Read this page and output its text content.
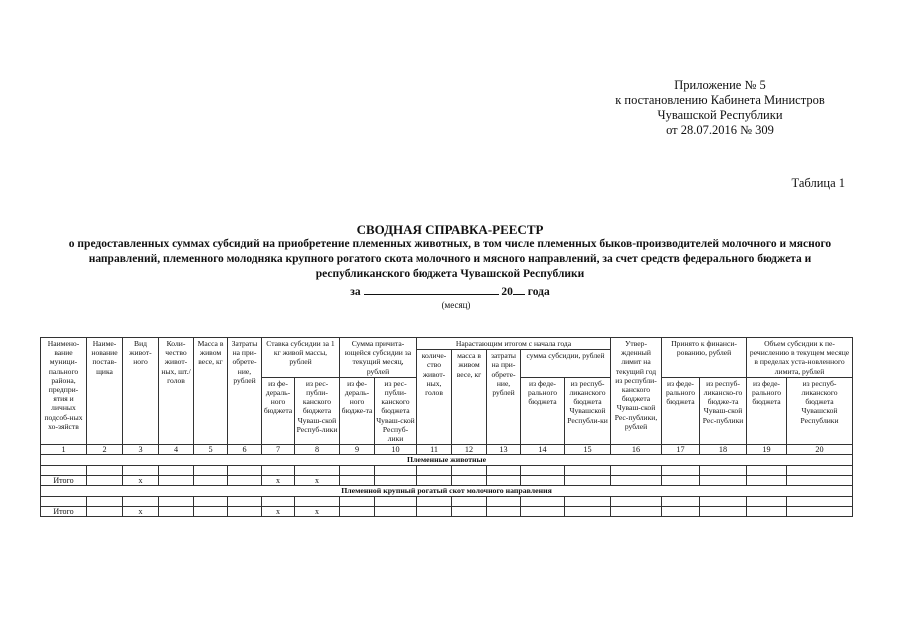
Приложение № 5
к постановлению Кабинета Министров
Чувашской Республики
от 28.07.2016 № 309
Таблица 1
СВОДНАЯ СПРАВКА-РЕЕСТР
о предоставленных суммах субсидий на приобретение племенных животных, в том числе племенных быков-производителей молочного и мясного направлений, племенного молодняка крупного рогатого скота молочного и мясного направлений, за счет средств федерального бюджета и республиканского бюджета Чувашской Республики
за	20 года
(месяц)
Наимено-вание муници-пального района, предпри-ятия и личных подсоб-ных хо-зяйств	Наиме-нование постав-щика	Вид живот-ного	Коли-чество живот-ных, шт./ голов	Масса в живом весе, кг	Затраты на при-обрете-ние, рублей	Ставка субсидии за 1 кг живой массы, рублей		Сумма причита-ющейся субсидии за текущий месяц, рублей		Нарастающим итогом с начала года					Утвер-жденный лимит на текущий год из республи-канского бюджета Чуваш-ской Рес-публики, рублей	Принято к финанси-рованию, рублей		Объем субсидии к пе-речислению в текущем месяце в пределах уста-новленного лимита, рублей	
										количе-ство живот-ных, голов	масса в живом весе, кг	затраты на при-обрете-ние, рублей	сумма субсидии, рублей						
						из фе-дераль-ного бюджета	из рес-публи-канского бюджета Чуваш-ской Респуб-лики	из фе-дераль-ного бюдже-та	из рес-публи-канского бюджета Чуваш-ской Респуб-лики				из феде-рального бюджета	из респуб-ликанского бюджета Чувашской Республи-ки		из феде-рального бюджета	из респуб-ликанско-го бюдже-та Чуваш-ской Рес-публики	из феде-рального бюджета	из респуб-ликанского бюджета Чувашской Республики
1	2	3	4	5	6	7	8	9	10	11	12	13	14	15	16	17	18	19	20
Племенные животные																			

Итого		х				х	х												
Племенной крупный рогатый скот молочного направления																			

Итого		х				х	х												
